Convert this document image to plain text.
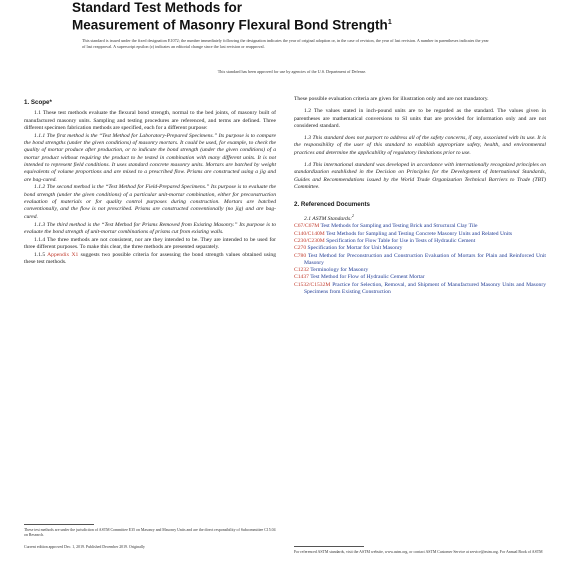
Standard Test Methods for
Measurement of Masonry Flexural Bond Strength$^1$
This standard is issued under the fixed designation E1072; the number immediately following the designation indicates the year of original adoption or, in the case of revision, the year of last revision. A number in parentheses indicates the year of last reapproval. A superscript epsilon (ε) indicates an editorial change since the last revision or reapproval.
This standard has been approved for use by agencies of the U.S. Department of Defense.
1. Scope*

1.1 These test methods evaluate the flexural bond strength, normal to the bed joints, of masonry built of manufactured masonry units. Sampling and testing procedures are referenced, and terms are defined. Three different specimen fabrication methods are specified, each for a different purpose:

1.1.1 The first method is the “Test Method for Laboratory-Prepared Specimens.” Its purpose is to compare the bond strengths (under the given conditions) of masonry mortars. It could be used, for example, to check the quality of mortar produce after production, or to indicate the bond strength (under the given conditions) of a mortar product without requiring the product to be tested in combination with many different units. It is not intended to represent field conditions. It uses standard concrete masonry units. Mortars are batched by weight equivalents of volume proportions and are mixed to a prescribed flow. Prisms are constructed using a jig and are bag-cured.

1.1.2 The second method is the “Test Method for Field-Prepared Specimens.” Its purpose is to evaluate the bond strength (under the given conditions) of a particular unit-mortar combination, either for preconstruction evaluation of materials or for quality control purposes during construction. Mortars are batched conventionally, and the flow is not prescribed. Prisms are constructed conventionally (no jig) and are bag-cured.

1.1.3 The third method is the “Test Method for Prisms Removed from Existing Masonry.” Its purpose is to evaluate the bond strength of unit-mortar combinations of prisms cut from existing walls.

1.1.4 The three methods are not consistent, nor are they intended to be. They are intended to be used for three different purposes. To make this clear, the three methods are presented separately.

1.1.5 Appendix X1 suggests two possible criteria for assessing the bond strength values obtained using these test methods.

These possible evaluation criteria are given for illustration only and are not mandatory.

1.2 The values stated in inch-pound units are to be regarded as the standard. The values given in parentheses are mathematical conversions to SI units that are provided for information only and are not considered standard.

1.3 This standard does not purport to address all of the safety concerns, if any, associated with its use. It is the responsibility of the user of this standard to establish appropriate safety, health, and environmental practices and determine the applicability of regulatory limitations prior to use.

1.4 This international standard was developed in accordance with internationally recognized principles on standardization established in the Decision on Principles for the Development of International Standards, Guides and Recommendations issued by the World Trade Organization Technical Barriers to Trade (TBT) Committee.

2. Referenced Documents

2.1 ASTM Standards:$^2$

C67/C67M Test Methods for Sampling and Testing Brick and Structural Clay Tile
C140/C140M Test Methods for Sampling and Testing Concrete Masonry Units and Related Units
C230/C230M Specification for Flow Table for Use in Tests of Hydraulic Cement
C270 Specification for Mortar for Unit Masonry
C780 Test Method for Preconstruction and Construction Evaluation of Mortars for Plain and Reinforced Unit Masonry
C1232 Terminology for Masonry
C1437 Test Method for Flow of Hydraulic Cement Mortar
C1532/C1532M Practice for Selection, Removal, and Shipment of Manufactured Masonry Units and Masonry Specimens from Existing Construction
These test methods are under the jurisdiction of ASTM Committee E35 on Masonry and Masonry Units and are the direct responsibility of Subcommittee C15.04 on Research.
Current edition approved Dec. 1, 2019. Published December 2019. Originally
For referenced ASTM standards, visit the ASTM website, www.astm.org, or contact ASTM Customer Service at service@astm.org. For Annual Book of ASTM
